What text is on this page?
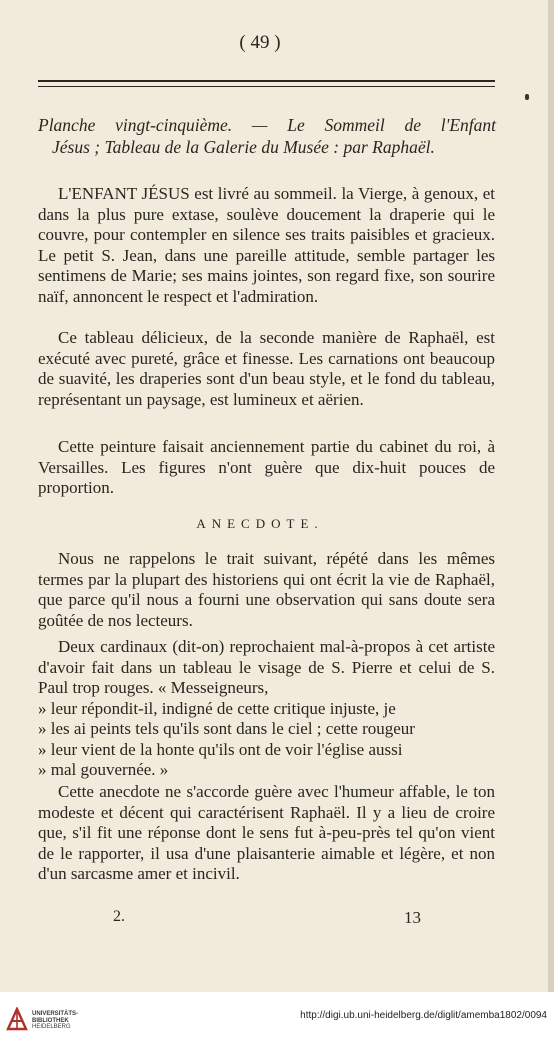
( 49 )

Planche vingt-cinquième. — Le Sommeil de l'Enfant
Jésus ; Tableau de la Galerie du Musée : par Raphaël.

L'ENFANT JÉSUS est livré au sommeil. la Vierge, à genoux, et dans la plus pure extase, soulève doucement la draperie qui le couvre, pour contempler en silence ses traits paisibles et gracieux. Le petit S. Jean, dans une pareille attitude, semble partager les sentimens de Marie; ses mains jointes, son regard fixe, son sourire naïf, annoncent le respect et l'admiration.

Ce tableau délicieux, de la seconde manière de Raphaël, est exécuté avec pureté, grâce et finesse. Les carnations ont beaucoup de suavité, les draperies sont d'un beau style, et le fond du tableau, représentant un paysage, est lumineux et aërien.

Cette peinture faisait anciennement partie du cabinet du roi, à Versailles. Les figures n'ont guère que dix-huit pouces de proportion.

ANECDOTE.

Nous ne rappelons le trait suivant, répété dans les mêmes termes par la plupart des historiens qui ont écrit la vie de Raphaël, que parce qu'il nous a fourni une observation qui sans doute sera goûtée de nos lecteurs.

Deux cardinaux (dit-on) reprochaient mal-à-propos à cet artiste d'avoir fait dans un tableau le visage de S. Pierre et celui de S. Paul trop rouges. « Messeigneurs,
» leur répondit-il, indigné de cette critique injuste, je
» les ai peints tels qu'ils sont dans le ciel ; cette rougeur
» leur vient de la honte qu'ils ont de voir l'église aussi
» mal gouvernée. »

Cette anecdote ne s'accorde guère avec l'humeur affable, le ton modeste et décent qui caractérisent Raphaël. Il y a lieu de croire que, s'il fit une réponse dont le sens fut à-peu-près tel qu'on vient de le rapporter, il usa d'une plaisanterie aimable et légère, et non d'un sarcasme amer et incivil.

2.	13
UNIVERSITÄTS-
BIBLIOTHEK
HEIDELBERG
http://digi.ub.uni-heidelberg.de/diglit/amemba1802/0094
